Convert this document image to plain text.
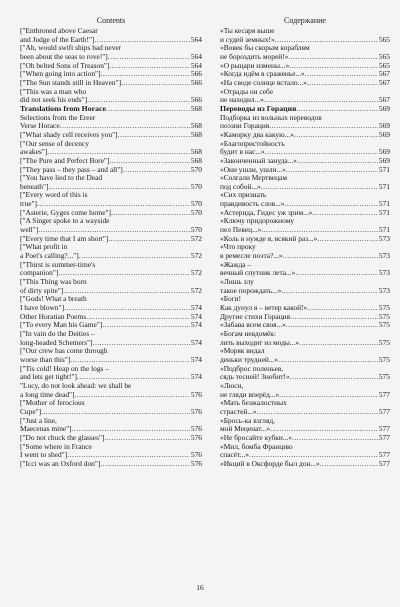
Contents
["Enthroned above Caesar
and Judge of the Earth!"] .....	564
["Ah, would swift ships had never
been about the seas to rove!"] .....	564
["Oh belted Sons of Treason"] .....	564
["When going into action"] .....	566
["The Sun stands still in Heaven"] .....	566
["This was a man who
did not seek his ends"] .....	566
Translations from Horace .....	568
Selections from the Ereer
Verse Horace .....	568
["What shady cell receives you"] .....	568
["Our sense of decency
awakes"] .....	568
["The Pure and Perfect Bore"] .....	568
["They pass – they pass – and all"] .....	570
["You have lied to the Dead
beneath"] .....	570
["Every word of this is
true"] .....	570
["Asterie, Gyges come home"] .....	570
["A Singer spoke to a wayside
well"] .....	570
["Every time that I am short"] .....	572
["What profit in
a Poet's calling?..."] .....	572
["Thirst is summer-time's
companion"] .....	572
["This Thing was born
of dirty spite"] .....	572
["Gods! What a breath
I have blown"] .....	574
Other Horatian Poems .....	574
["To every Man his Game"] .....	574
["In vain do the Deities –
long-headed Schemers"] .....	574
["Our crew has come through
worse than this"] .....	574
["Tis cold! Heap on the logs –
and lets get tight!"] .....	574
"Lucy, do not look ahead: we shall be
a long time dead"] .....	576
["Mother of ferocious
Cupe"] .....	576
["Just a line,
Maecenas mine"] .....	576
["Do not chuck the glasses"] .....	576
["Some where in France
I went to shed"] .....	576
["Icci was an Oxford don"] .....	576
Содержание
«Ты кесаря выше
и судей земных!» .....	565
«Вовек бы скорым кораблям
не бороздить морей!» .....	565
«О рыцари измены...» .....	565
«Когда идём в сраженье...» .....	567
«На своде солнце встало...» .....	567
«Отрады он себе
не находил...» .....	567
Переводы из Горация .....	569
Подборка из вольных переводов
поэзии Горация .....	569
«Каморку два какую...» .....	569
«Благопристойность
будит в нас...» .....	569
«Законченный зануда...» .....	569
«Они ушли, ушли...» .....	571
«Солгали Мертвецам
под собой...» .....	571
«Сих признать
правдивость слов...» .....	571
«Астерида, Гидес уж зрим...» .....	571
«Ключу придорожному
пел Певец...» .....	571
«Коль в нужде я, всякий раз...» .....	573
«Что проку
в ремесле поэта?...» .....	573
«Жажда –
вечный спутник лета...» .....	573
«Лишь злу
такое порождать...» .....	573
«Боги!
Как дунул я – ветер какой!» .....	575
Другие стихи Горация .....	575
«Забава всем своя...» .....	575
«Богам невдомёк:
лить выходит из моды...» .....	575
«Моряк видал
деньки трудней...» .....	575
«Подброс поленьев,
сядь тесней! Знобит!» .....	575
«Люси,
не гляди вперёд...» .....	577
«Мать безжалостных
страстей...» .....	577
«Брось-ка взгляд,
мой Меценат...» .....	577
«Не бросайте кубки...» .....	577
«Мил, бомба Францию
спасёт...» .....	577
«Икций в Оксфорде был дон...» .....	577
16
